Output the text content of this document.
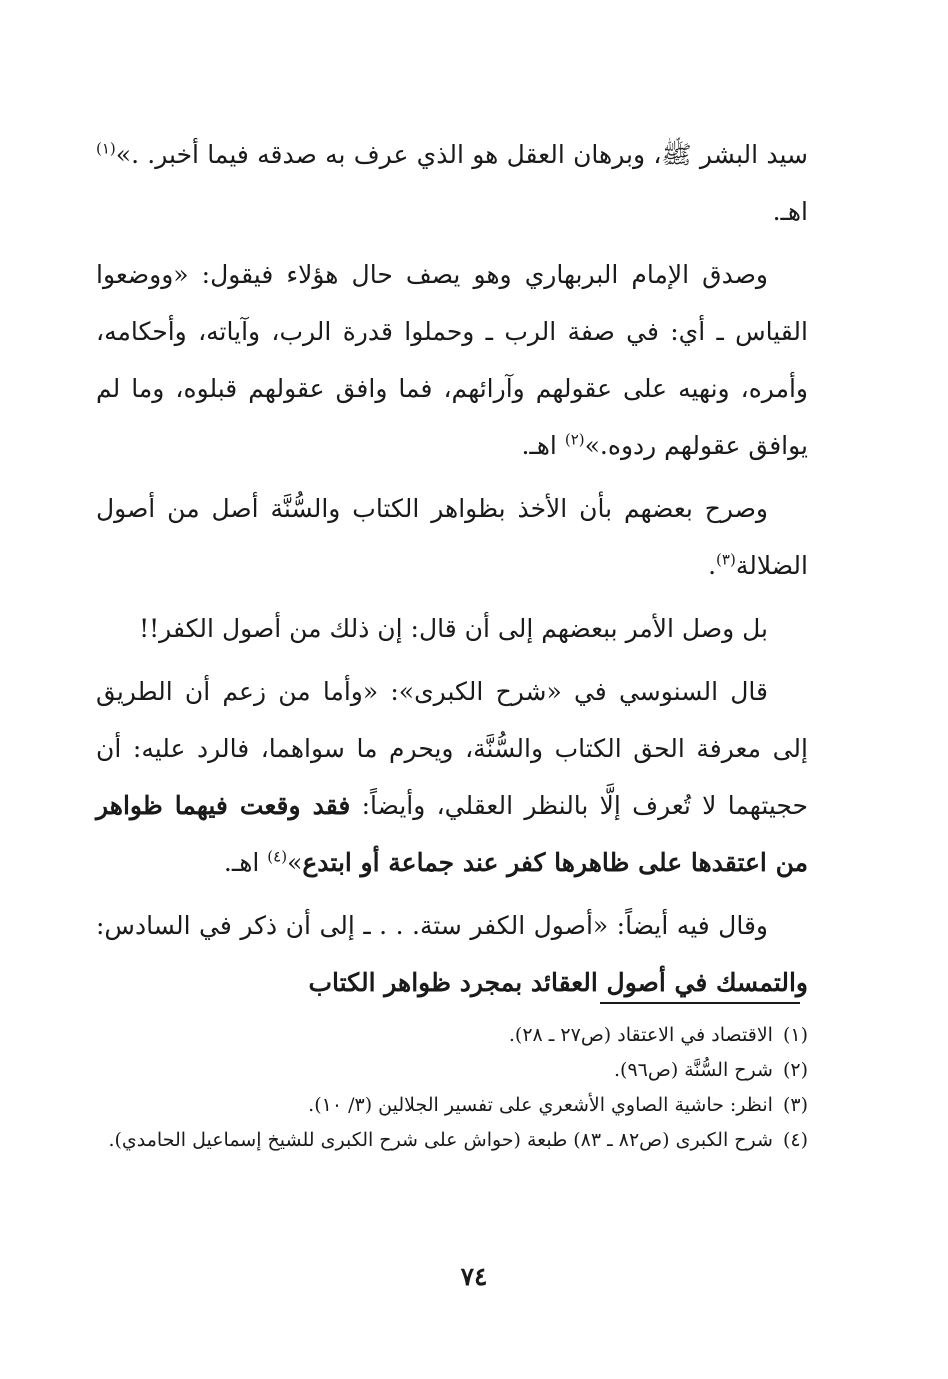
سيد البشر ﷺ، وبرهان العقل هو الذي عرف به صدقه فيما أخبر. .»$^{(١)}$ اهـ.

وصدق الإمام البربهاري وهو يصف حال هؤلاء فيقول: «ووضعوا القياس ـ أي: في صفة الرب ـ وحملوا قدرة الرب، وآياته، وأحكامه، وأمره، ونهيه على عقولهم وآرائهم، فما وافق عقولهم قبلوه، وما لم يوافق عقولهم ردوه.»$^{(٢)}$ اهـ.

وصرح بعضهم بأن الأخذ بظواهر الكتاب والسُّنَّة أصل من أصول الضلالة$^{(٣)}$.

بل وصل الأمر ببعضهم إلى أن قال: إن ذلك من أصول الكفر!!

قال السنوسي في «شرح الكبرى»: «وأما من زعم أن الطريق إلى معرفة الحق الكتاب والسُّنَّة، ويحرم ما سواهما، فالرد عليه: أن حجيتهما لا تُعرف إلَّا بالنظر العقلي، وأيضاً: فقد وقعت فيهما ظواهر من اعتقدها على ظاهرها كفر عند جماعة أو ابتدع»$^{(٤)}$ اهـ.

وقال فيه أيضاً: «أصول الكفر ستة. . . ـ إلى أن ذكر في السادس: والتمسك في أصول العقائد بمجرد ظواهر الكتاب

(١)
الاقتصاد في الاعتقاد (ص٢٧ ـ ٢٨).
(٢)
شرح السُّنَّة (ص٩٦).
(٣)
انظر: حاشية الصاوي الأشعري على تفسير الجلالين (٣/ ١٠).
(٤)
شرح الكبرى (ص٨٢ ـ ٨٣) طبعة (حواش على شرح الكبرى للشيخ إسماعيل الحامدي).
٧٤
